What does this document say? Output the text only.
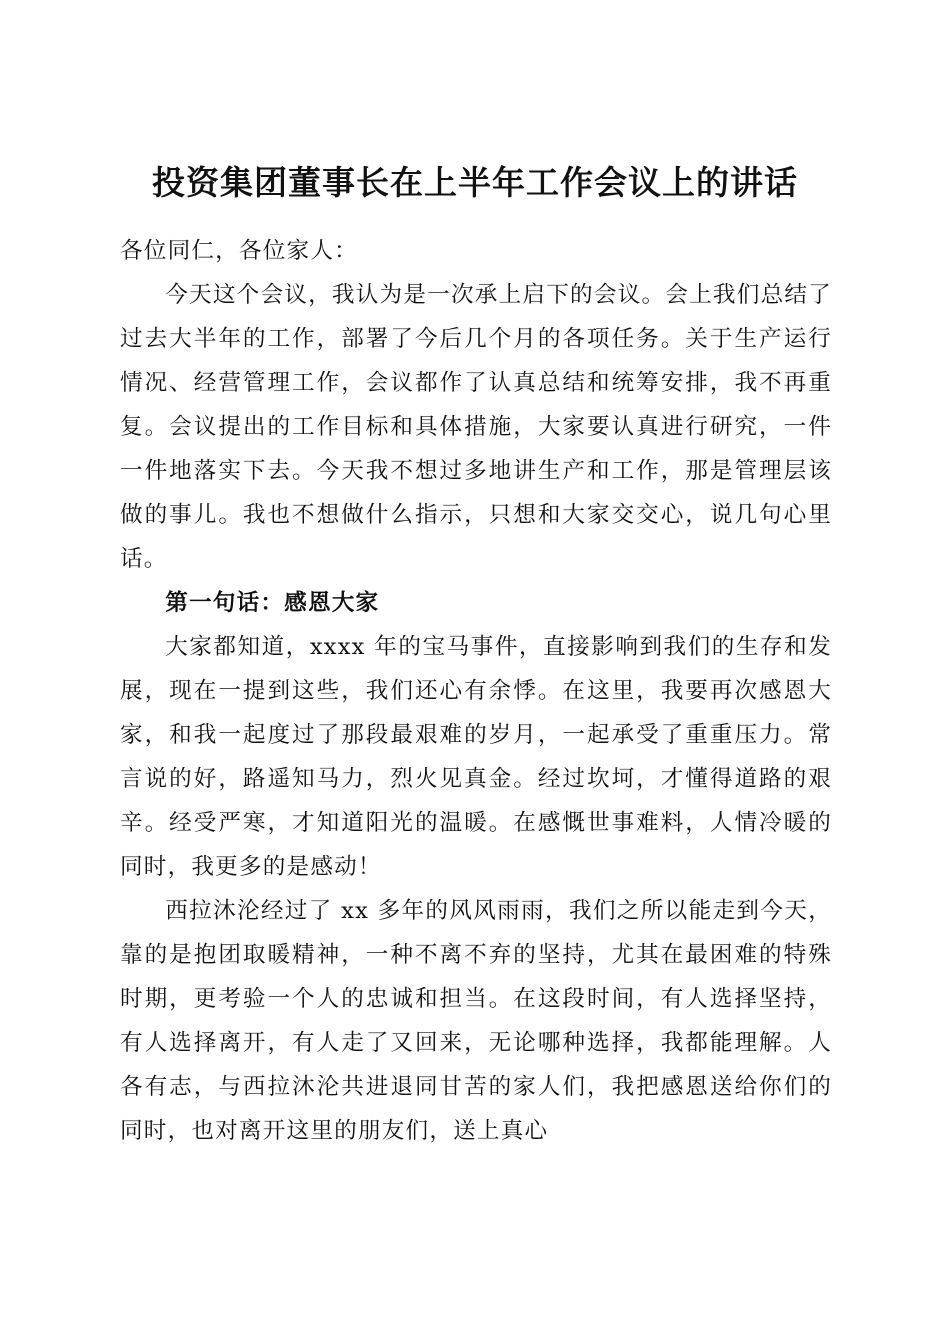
投资集团董事长在上半年工作会议上的讲话

各位同仁，各位家人：

今天这个会议，我认为是一次承上启下的会议。会上我们总结了过去大半年的工作，部署了今后几个月的各项任务。关于生产运行情况、经营管理工作，会议都作了认真总结和统筹安排，我不再重复。会议提出的工作目标和具体措施，大家要认真进行研究，一件一件地落实下去。今天我不想过多地讲生产和工作，那是管理层该做的事儿。我也不想做什么指示，只想和大家交交心，说几句心里话。

第一句话：感恩大家

大家都知道，xxxx 年的宝马事件，直接影响到我们的生存和发展，现在一提到这些，我们还心有余悸。在这里，我要再次感恩大家，和我一起度过了那段最艰难的岁月，一起承受了重重压力。常言说的好，路遥知马力，烈火见真金。经过坎坷，才懂得道路的艰辛。经受严寒，才知道阳光的温暖。在感慨世事难料，人情冷暖的同时，我更多的是感动！

西拉沐沦经过了 xx 多年的风风雨雨，我们之所以能走到今天，靠的是抱团取暖精神，一种不离不弃的坚持，尤其在最困难的特殊时期，更考验一个人的忠诚和担当。在这段时间，有人选择坚持，有人选择离开，有人走了又回来，无论哪种选择，我都能理解。人各有志，与西拉沐沦共进退同甘苦的家人们，我把感恩送给你们的同时，也对离开这里的朋友们，送上真心
